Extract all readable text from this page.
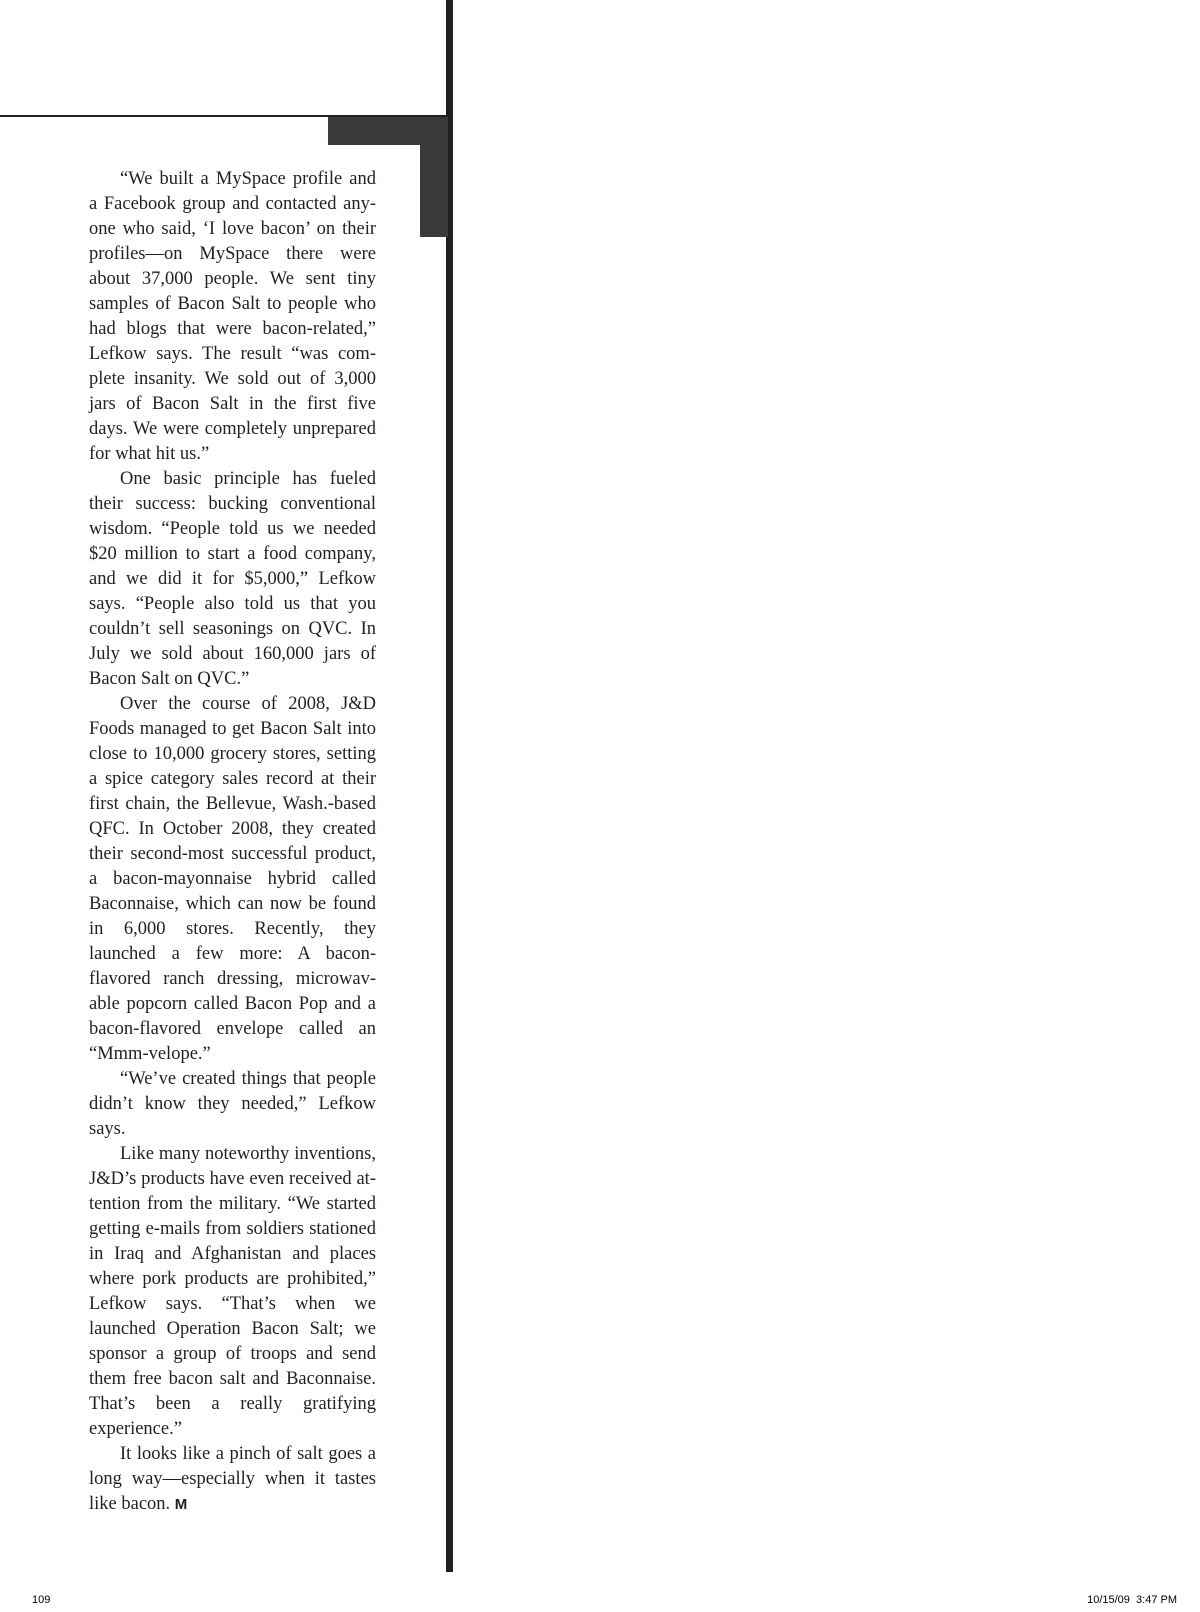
“We built a MySpace profile and a Facebook group and contacted anyone who said, ‘I love bacon’ on their profiles—on MySpace there were about 37,000 people. We sent tiny samples of Bacon Salt to people who had blogs that were bacon-related,” Lefkow says. The result “was complete insanity. We sold out of 3,000 jars of Bacon Salt in the first five days. We were completely unprepared for what hit us.”

One basic principle has fueled their success: bucking conventional wisdom. “People told us we needed $20 million to start a food company, and we did it for $5,000,” Lefkow says. “People also told us that you couldn’t sell seasonings on QVC. In July we sold about 160,000 jars of Bacon Salt on QVC.”

Over the course of 2008, J&D Foods managed to get Bacon Salt into close to 10,000 grocery stores, setting a spice category sales record at their first chain, the Bellevue, Wash.-based QFC. In October 2008, they created their second-most successful product, a bacon-mayonnaise hybrid called Baconnaise, which can now be found in 6,000 stores. Recently, they launched a few more: A bacon-flavored ranch dressing, microwavable popcorn called Bacon Pop and a bacon-flavored envelope called an “Mmm-velope.”

“We’ve created things that people didn’t know they needed,” Lefkow says.

Like many noteworthy inventions, J&D’s products have even received attention from the military. “We started getting e-mails from soldiers stationed in Iraq and Afghanistan and places where pork products are prohibited,” Lefkow says. “That’s when we launched Operation Bacon Salt; we sponsor a group of troops and send them free bacon salt and Baconnaise. That’s been a really gratifying experience.”

It looks like a pinch of salt goes a long way—especially when it tastes like bacon. M

109	10/15/09 3:47 PM
